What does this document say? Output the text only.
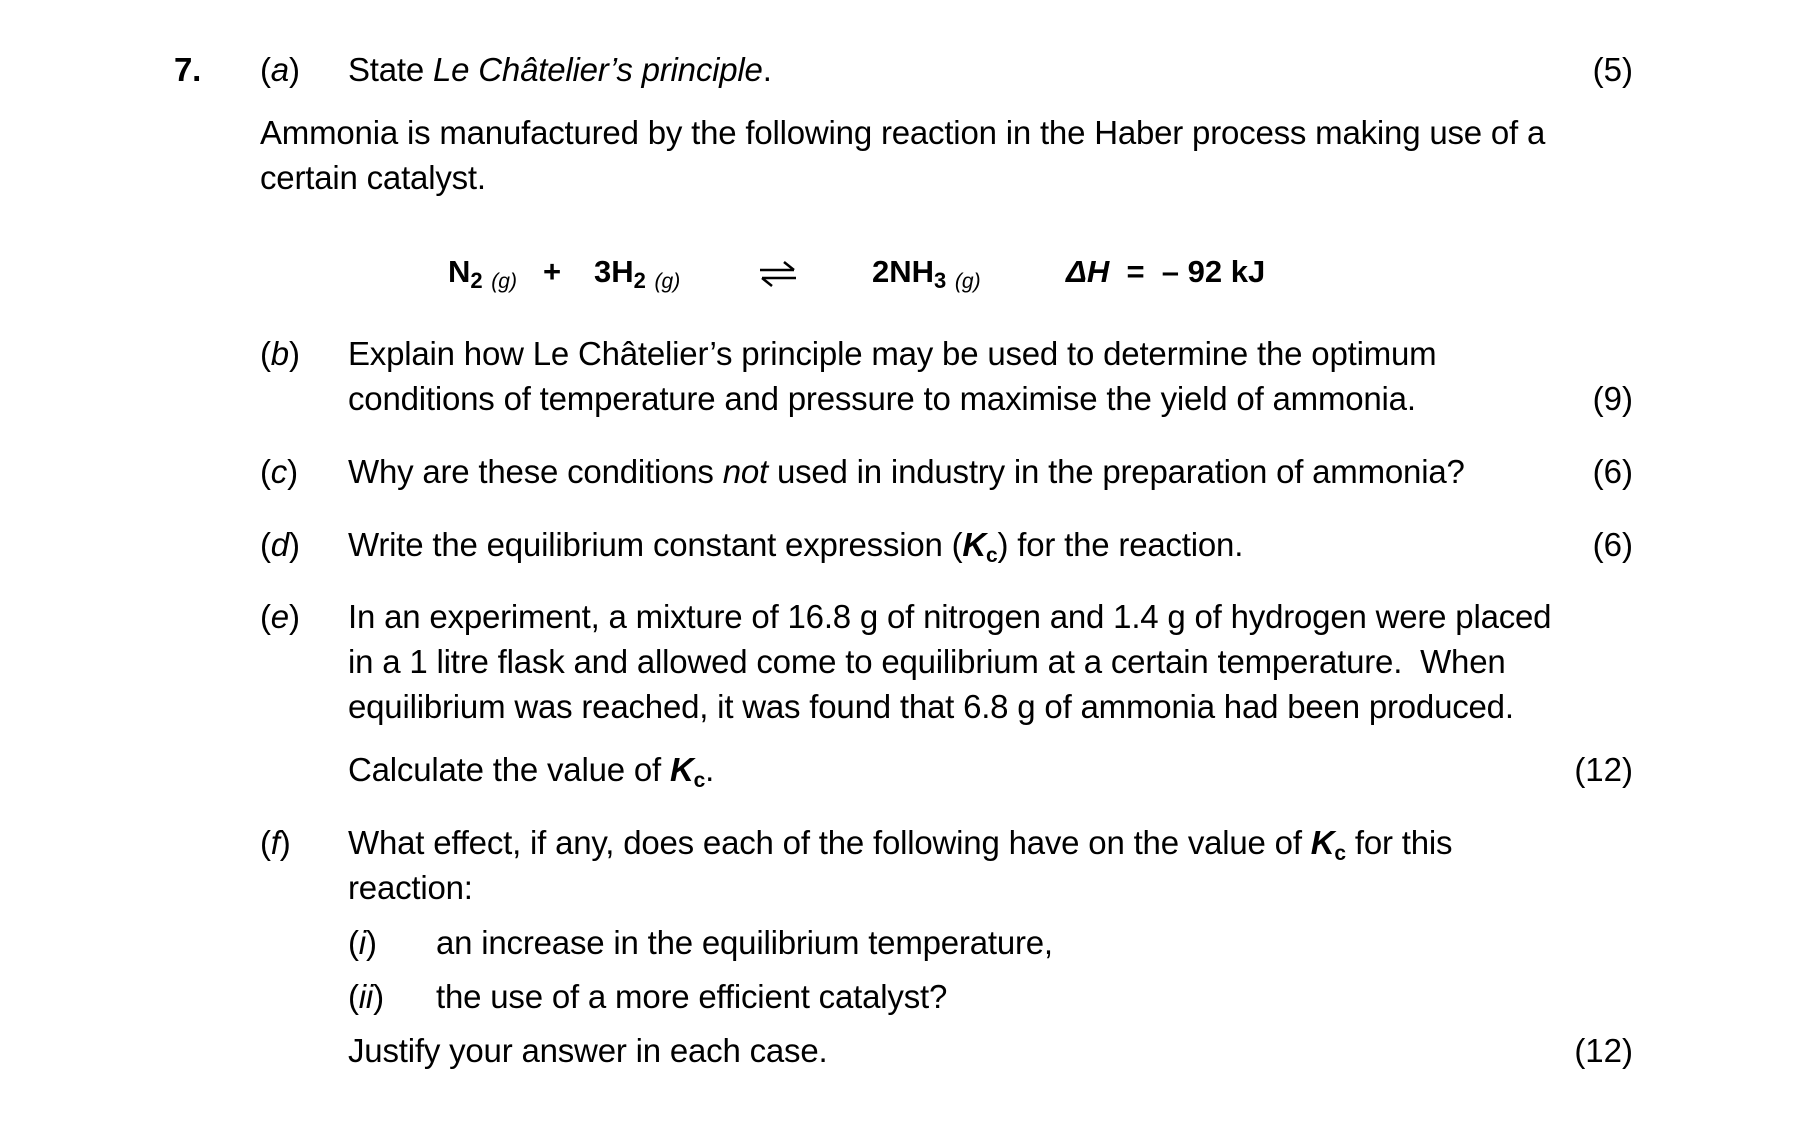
7. (a) State Le Châtelier’s principle.	(5)
Ammonia is manufactured by the following reaction in the Haber process making use of a
certain catalyst.
$N_2$ $(g) + 3H_2$ (g)	$2NH_3$ (g)	ΔH = – 92 kJ
(b) Explain how Le Châtelier’s principle may be used to determine the optimum
conditions of temperature and pressure to maximise the yield of ammonia.	(9)
(c) Why are these conditions not used in industry in the preparation of ammonia?	(6)
(d) Write the equilibrium constant expression $(K_c)$ for the reaction.	(6)
(e) In an experiment, a mixture of 16.8 g of nitrogen and 1.4 g of hydrogen were placed
in a 1 litre flask and allowed come to equilibrium at a certain temperature.  When
equilibrium was reached, it was found that 6.8 g of ammonia had been produced.
Calculate the value of $K_c$.	(12)
(f) What effect, if any, does each of the following have on the value of $K_c$ for this
reaction:
(i) an increase in the equilibrium temperature,
(ii) the use of a more efficient catalyst?
Justify your answer in each case.	(12)
